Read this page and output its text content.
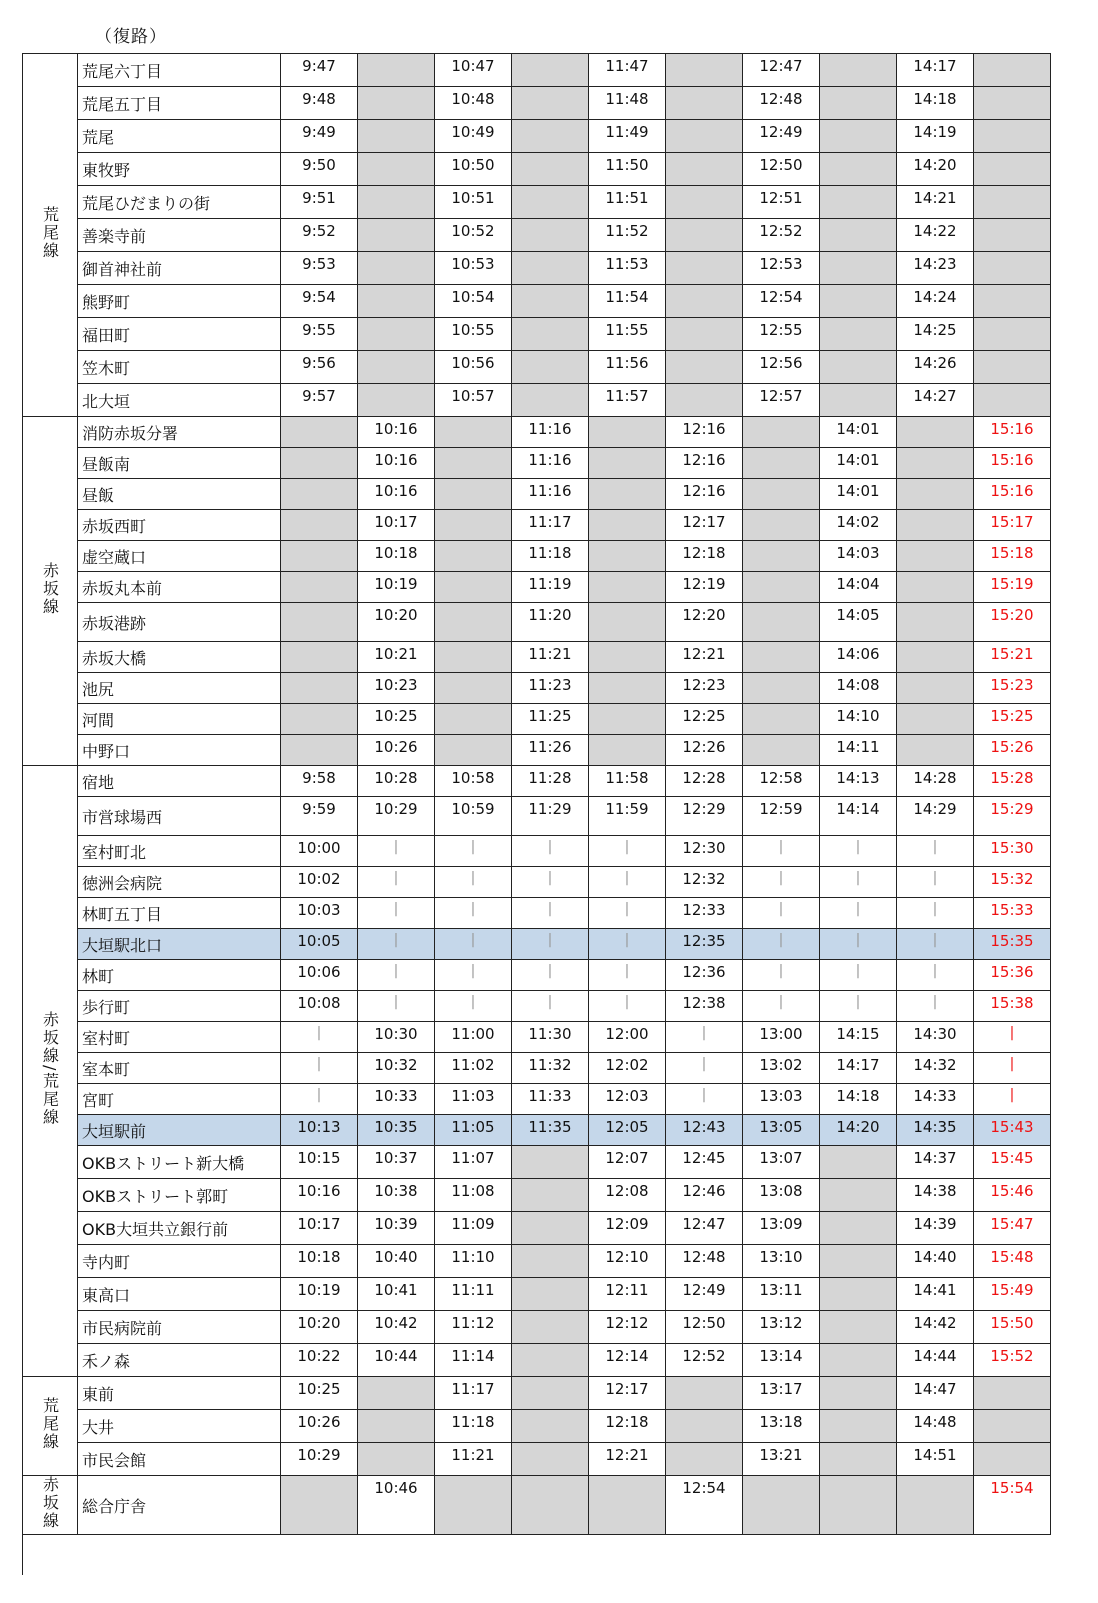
（復路）
荒尾線	荒尾六丁目	9:47		10:47		11:47		12:47		14:17	
	荒尾五丁目	9:48		10:48		11:48		12:48		14:18	
	荒尾	9:49		10:49		11:49		12:49		14:19	
	東牧野	9:50		10:50		11:50		12:50		14:20	
	荒尾ひだまりの街	9:51		10:51		11:51		12:51		14:21	
	善楽寺前	9:52		10:52		11:52		12:52		14:22	
	御首神社前	9:53		10:53		11:53		12:53		14:23	
	熊野町	9:54		10:54		11:54		12:54		14:24	
	福田町	9:55		10:55		11:55		12:55		14:25	
	笠木町	9:56		10:56		11:56		12:56		14:26	
	北大垣	9:57		10:57		11:57		12:57		14:27	
赤坂線	消防赤坂分署		10:16		11:16		12:16		14:01		15:16
	昼飯南		10:16		11:16		12:16		14:01		15:16
	昼飯		10:16		11:16		12:16		14:01		15:16
	赤坂西町		10:17		11:17		12:17		14:02		15:17
	虚空蔵口		10:18		11:18		12:18		14:03		15:18
	赤坂丸本前		10:19		11:19		12:19		14:04		15:19
	赤坂港跡		10:20		11:20		12:20		14:05		15:20
	赤坂大橋		10:21		11:21		12:21		14:06		15:21
	池尻		10:23		11:23		12:23		14:08		15:23
	河間		10:25		11:25		12:25		14:10		15:25
	中野口		10:26		11:26		12:26		14:11		15:26
赤坂線/荒尾線	宿地	9:58	10:28	10:58	11:28	11:58	12:28	12:58	14:13	14:28	15:28
	市営球場西	9:59	10:29	10:59	11:29	11:59	12:29	12:59	14:14	14:29	15:29
	室村町北	10:00	|	|	|	|	12:30	|	|	|	15:30
	徳洲会病院	10:02	|	|	|	|	12:32	|	|	|	15:32
	林町五丁目	10:03	|	|	|	|	12:33	|	|	|	15:33
	大垣駅北口	10:05	|	|	|	|	12:35	|	|	|	15:35
	林町	10:06	|	|	|	|	12:36	|	|	|	15:36
	歩行町	10:08	|	|	|	|	12:38	|	|	|	15:38
	室村町	|	10:30	11:00	11:30	12:00	|	13:00	14:15	14:30	|
	室本町	|	10:32	11:02	11:32	12:02	|	13:02	14:17	14:32	|
	宮町	|	10:33	11:03	11:33	12:03	|	13:03	14:18	14:33	|
	大垣駅前	10:13	10:35	11:05	11:35	12:05	12:43	13:05	14:20	14:35	15:43
	OKBストリート新大橋	10:15	10:37	11:07		12:07	12:45	13:07		14:37	15:45
	OKBストリート郭町	10:16	10:38	11:08		12:08	12:46	13:08		14:38	15:46
	OKB大垣共立銀行前	10:17	10:39	11:09		12:09	12:47	13:09		14:39	15:47
	寺内町	10:18	10:40	11:10		12:10	12:48	13:10		14:40	15:48
	東高口	10:19	10:41	11:11		12:11	12:49	13:11		14:41	15:49
	市民病院前	10:20	10:42	11:12		12:12	12:50	13:12		14:42	15:50
	禾ノ森	10:22	10:44	11:14		12:14	12:52	13:14		14:44	15:52
荒尾線	東前	10:25		11:17		12:17		13:17		14:47	
	大井	10:26		11:18		12:18		13:18		14:48	
	市民会館	10:29		11:21		12:21		13:21		14:51	
赤坂線	総合庁舎		10:46				12:54				15:54
